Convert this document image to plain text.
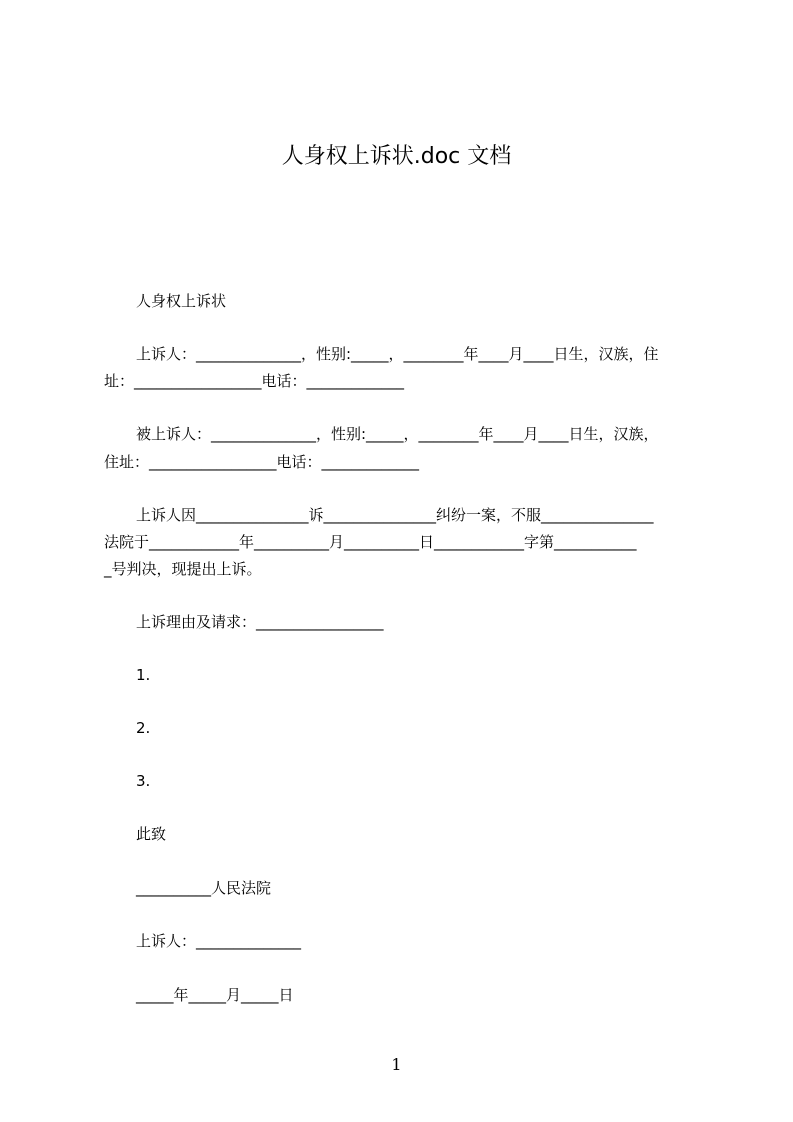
人身权上诉状.doc 文档

人身权上诉状

上诉人：______________，性别:_____，________年____月____日生，汉族，住

址：_________________电话：_____________

被上诉人：______________，性别:_____，________年____月____日生，汉族，

住址：_________________电话：_____________

上诉人因_______________诉_______________纠纷一案，不服_______________

法院于____________年__________月__________日____________字第___________

_号判决，现提出上诉。

上诉理由及请求：_________________

1.

2.

3.

此致

__________人民法院

上诉人：______________

_____年_____月_____日

1
